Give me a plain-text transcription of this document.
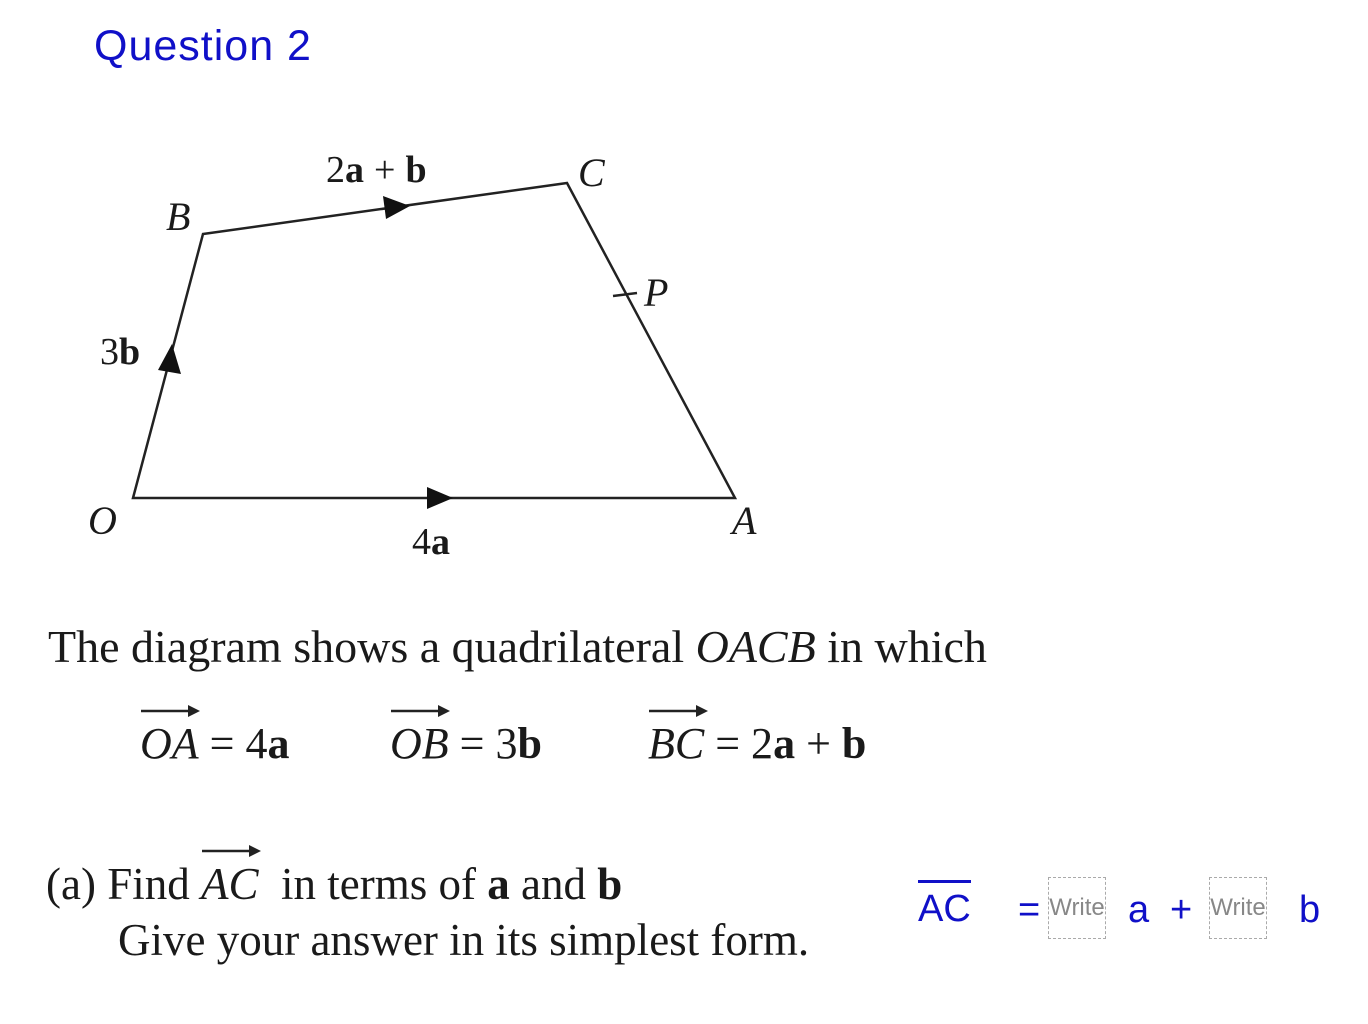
Question 2
O	A
B
C
P
4a
3b
2a + b
The diagram shows a quadrilateral OACB in which
OA = 4a OB = 3b BC = 2a + b
(a) Find
AC  in terms of a and b
Give your answer in its simplest form.
AC =
Write a +
Write	b
